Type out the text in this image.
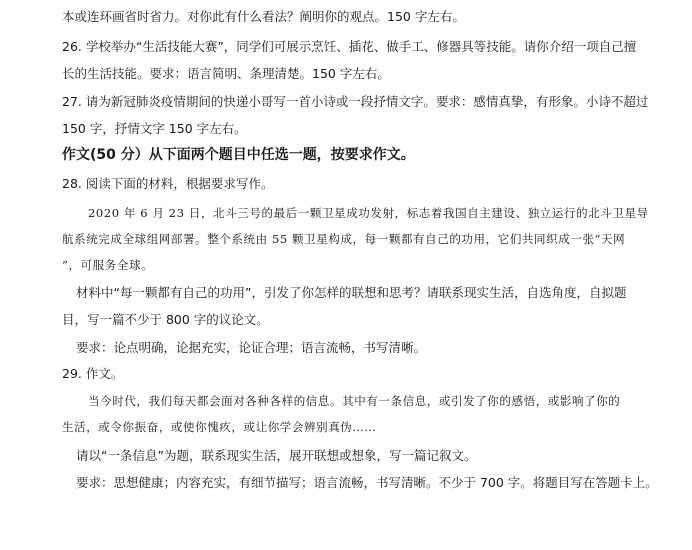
本或连环画省时省力。对你此有什么看法？阐明你的观点。150 字左右。
26. 学校举办“生活技能大赛”，同学们可展示烹饪、插花、做手工、修器具等技能。请你介绍一项自己擅
长的生活技能。要求：语言简明、条理清楚。150 字左右。
27. 请为新冠肺炎疫情期间的快递小哥写一首小诗或一段抒情文字。要求：感情真挚，有形象。小诗不超过
150 字，抒情文字 150 字左右。
作文(50 分）从下面两个题目中任选一题，按要求作文。
28. 阅读下面的材料，根据要求写作。
2020 年 6 月 23 日，北斗三号的最后一颗卫星成功发射，标志着我国自主建设、独立运行的北斗卫星导
航系统完成全球组网部署。整个系统由 55 颗卫星构成，每一颗都有自己的功用，它们共同织成一张“天网
”，可服务全球。
材料中“每一颗都有自己的功用”，引发了你怎样的联想和思考？请联系现实生活，自选角度，自拟题
目，写一篇不少于 800 字的议论文。
要求：论点明确，论据充实，论证合理；语言流畅，书写清晰。
29. 作文。
当今时代，我们每天都会面对各种各样的信息。其中有一条信息，或引发了你的感悟，或影响了你的
生活，或令你振奋，或使你愧疚，或让你学会辨别真伪……
请以“一条信息”为题，联系现实生活，展开联想或想象，写一篇记叙文。
要求：思想健康；内容充实，有细节描写；语言流畅，书写清晰。不少于 700 字。将题目写在答题卡上。
